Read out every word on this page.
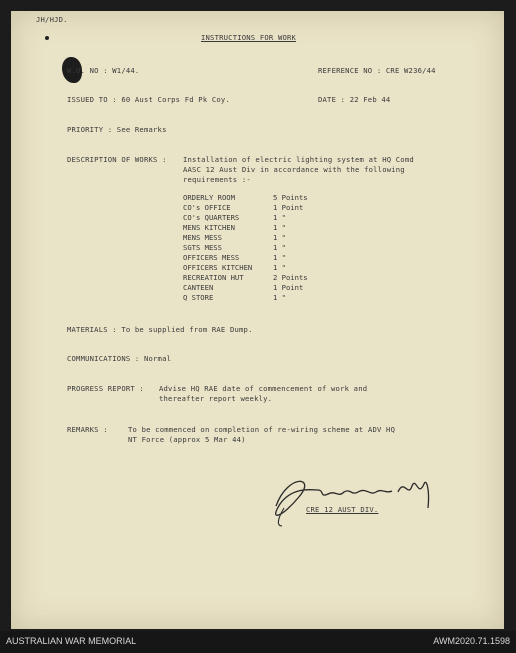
JH/HJD.
INSTRUCTIONS FOR WORK
W.O. NO : W1/44.	REFERENCE NO : CRE W236/44
ISSUED TO : 60 Aust Corps Fd Pk Coy.	DATE : 22 Feb 44
PRIORITY : See Remarks
DESCRIPTION OF WORKS : Installation of electric lighting system at HQ Comd
AASC 12 Aust Div in accordance with the following
requirements :-
ORDERLY ROOM	5 Points
CO's OFFICE	1 Point
CO's QUARTERS	1 "
MENS KITCHEN	1 "
MENS MESS	1 "
SGTS MESS	1 "
OFFICERS MESS	1 "
OFFICERS KITCHEN	1 "
RECREATION HUT	2 Points
CANTEEN	1 Point
Q STORE	1 "
MATERIALS : To be supplied from RAE Dump.
COMMUNICATIONS : Normal
PROGRESS REPORT : Advise HQ RAE date of commencement of work and
thereafter report weekly.
REMARKS :	To be commenced on completion of re-wiring scheme at ADV HQ
NT Force (approx 5 Mar 44)
CRE 12 AUST DIV.
AUSTRALIAN WAR MEMORIAL	AWM2020.71.1598
